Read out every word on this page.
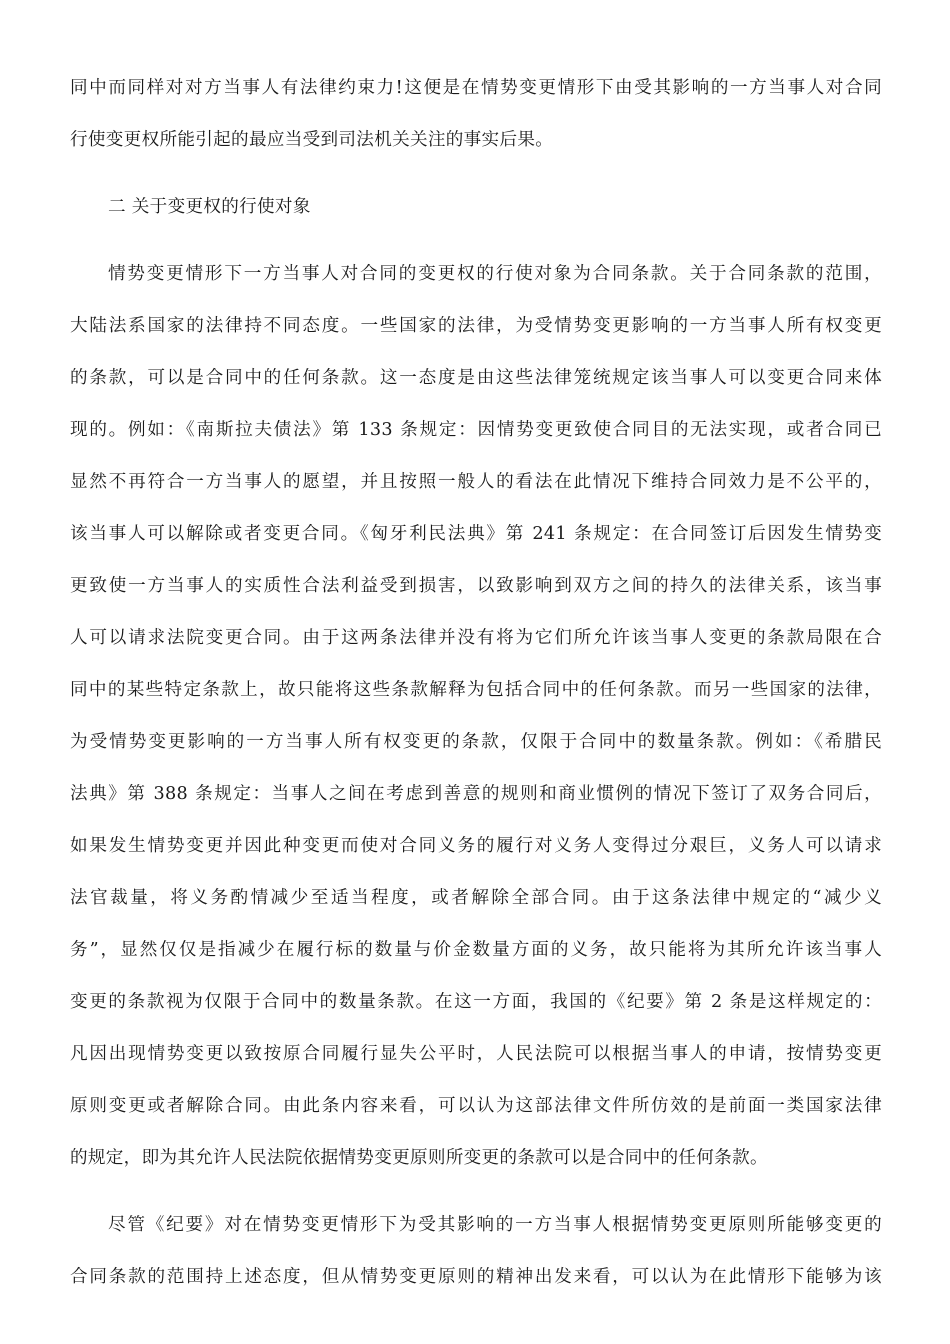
同中而同样对对方当事人有法律约束力!这便是在情势变更情形下由受其影响的一方当事人对合同
行使变更权所能引起的最应当受到司法机关关注的事实后果。
二 关于变更权的行使对象
情势变更情形下一方当事人对合同的变更权的行使对象为合同条款。关于合同条款的范围，
大陆法系国家的法律持不同态度。一些国家的法律，为受情势变更影响的一方当事人所有权变更
的条款，可以是合同中的任何条款。这一态度是由这些法律笼统规定该当事人可以变更合同来体
现的。例如：《南斯拉夫债法》第 133 条规定：因情势变更致使合同目的无法实现，或者合同已
显然不再符合一方当事人的愿望，并且按照一般人的看法在此情况下维持合同效力是不公平的，
该当事人可以解除或者变更合同。《匈牙利民法典》第 241 条规定：在合同签订后因发生情势变
更致使一方当事人的实质性合法利益受到损害，以致影响到双方之间的持久的法律关系，该当事
人可以请求法院变更合同。由于这两条法律并没有将为它们所允许该当事人变更的条款局限在合
同中的某些特定条款上，故只能将这些条款解释为包括合同中的任何条款。而另一些国家的法律，
为受情势变更影响的一方当事人所有权变更的条款，仅限于合同中的数量条款。例如：《希腊民
法典》第 388 条规定：当事人之间在考虑到善意的规则和商业惯例的情况下签订了双务合同后，
如果发生情势变更并因此种变更而使对合同义务的履行对义务人变得过分艰巨，义务人可以请求
法官裁量，将义务酌情减少至适当程度，或者解除全部合同。由于这条法律中规定的“减少义
务”，显然仅仅是指减少在履行标的数量与价金数量方面的义务，故只能将为其所允许该当事人
变更的条款视为仅限于合同中的数量条款。在这一方面，我国的《纪要》第 2 条是这样规定的：
凡因出现情势变更以致按原合同履行显失公平时，人民法院可以根据当事人的申请，按情势变更
原则变更或者解除合同。由此条内容来看，可以认为这部法律文件所仿效的是前面一类国家法律
的规定，即为其允许人民法院依据情势变更原则所变更的条款可以是合同中的任何条款。
尽管《纪要》对在情势变更情形下为受其影响的一方当事人根据情势变更原则所能够变更的
合同条款的范围持上述态度，但从情势变更原则的精神出发来看，可以认为在此情形下能够为该
